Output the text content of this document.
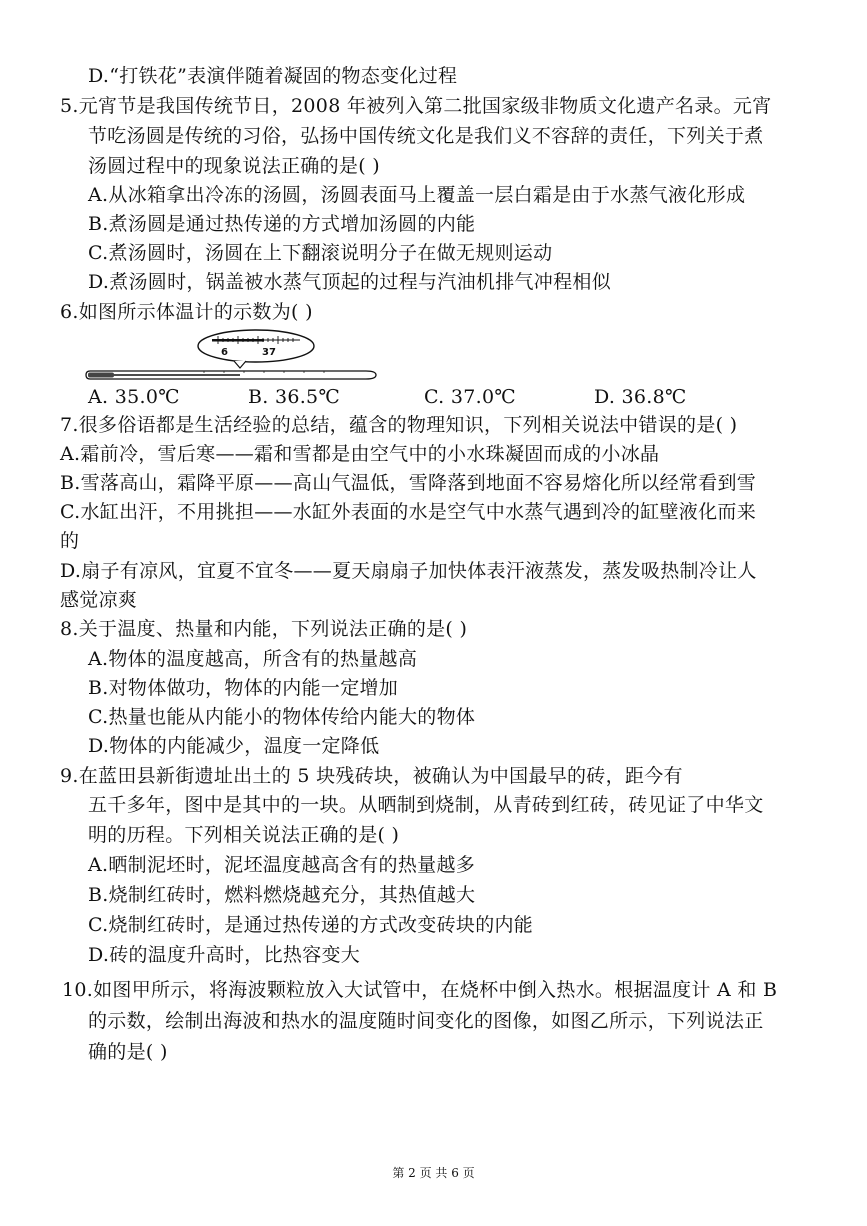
D.“打铁花”表演伴随着凝固的物态变化过程
5.元宵节是我国传统节日，2008 年被列入第二批国家级非物质文化遗产名录。元宵
节吃汤圆是传统的习俗，弘扬中国传统文化是我们义不容辞的责任，下列关于煮
汤圆过程中的现象说法正确的是( )
A.从冰箱拿出冷冻的汤圆，汤圆表面马上覆盖一层白霜是由于水蒸气液化形成
B.煮汤圆是通过热传递的方式增加汤圆的内能
C.煮汤圆时，汤圆在上下翻滚说明分子在做无规则运动
D.煮汤圆时，锅盖被水蒸气顶起的过程与汽油机排气冲程相似
6.如图所示体温计的示数为( )
6	37
A. 35.0℃	B. 36.5℃	C. 37.0℃	D. 36.8℃
7.很多俗语都是生活经验的总结，蕴含的物理知识，下列相关说法中错误的是( )
A.霜前冷，雪后寒——霜和雪都是由空气中的小水珠凝固而成的小冰晶
B.雪落高山，霜降平原——高山气温低，雪降落到地面不容易熔化所以经常看到雪
C.水缸出汗，不用挑担——水缸外表面的水是空气中水蒸气遇到冷的缸壁液化而来
的
D.扇子有凉风，宜夏不宜冬——夏天扇扇子加快体表汗液蒸发，蒸发吸热制冷让人
感觉凉爽
8.关于温度、热量和内能，下列说法正确的是( )
A.物体的温度越高，所含有的热量越高
B.对物体做功，物体的内能一定增加
C.热量也能从内能小的物体传给内能大的物体
D.物体的内能减少，温度一定降低
9.在蓝田县新街遗址出土的 5 块残砖块，被确认为中国最早的砖，距今有
五千多年，图中是其中的一块。从晒制到烧制，从青砖到红砖，砖见证了中华文
明的历程。下列相关说法正确的是( )
A.晒制泥坯时，泥坯温度越高含有的热量越多
B.烧制红砖时，燃料燃烧越充分，其热值越大
C.烧制红砖时，是通过热传递的方式改变砖块的内能
D.砖的温度升高时，比热容变大
10.如图甲所示，将海波颗粒放入大试管中，在烧杯中倒入热水。根据温度计 A 和 B
的示数，绘制出海波和热水的温度随时间变化的图像，如图乙所示，下列说法正
确的是( )
第 2 页 共 6 页
